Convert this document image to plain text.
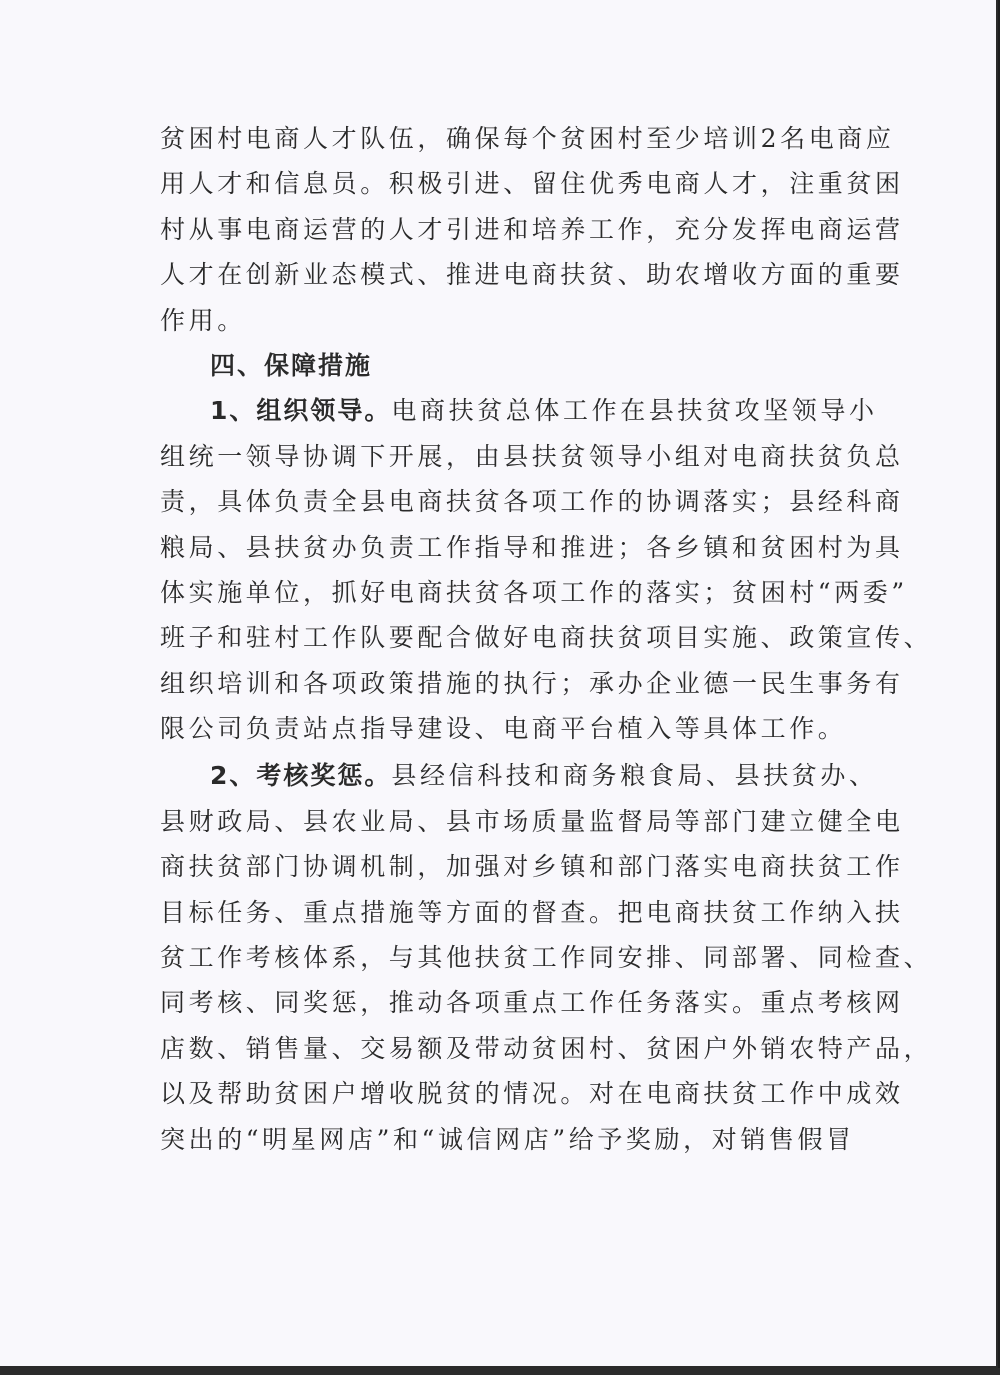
贫困村电商人才队伍，确保每个贫困村至少培训2名电商应
用人才和信息员。积极引进、留住优秀电商人才，注重贫困
村从事电商运营的人才引进和培养工作，充分发挥电商运营
人才在创新业态模式、推进电商扶贫、助农增收方面的重要
作用。
四、保障措施
1、组织领导。电商扶贫总体工作在县扶贫攻坚领导小
组统一领导协调下开展，由县扶贫领导小组对电商扶贫负总
责，具体负责全县电商扶贫各项工作的协调落实；县经科商
粮局、县扶贫办负责工作指导和推进；各乡镇和贫困村为具
体实施单位，抓好电商扶贫各项工作的落实；贫困村“两委”
班子和驻村工作队要配合做好电商扶贫项目实施、政策宣传、
组织培训和各项政策措施的执行；承办企业德一民生事务有
限公司负责站点指导建设、电商平台植入等具体工作。
2、考核奖惩。县经信科技和商务粮食局、县扶贫办、
县财政局、县农业局、县市场质量监督局等部门建立健全电
商扶贫部门协调机制，加强对乡镇和部门落实电商扶贫工作
目标任务、重点措施等方面的督查。把电商扶贫工作纳入扶
贫工作考核体系，与其他扶贫工作同安排、同部署、同检查、
同考核、同奖惩，推动各项重点工作任务落实。重点考核网
店数、销售量、交易额及带动贫困村、贫困户外销农特产品，
以及帮助贫困户增收脱贫的情况。对在电商扶贫工作中成效
突出的“明星网店”和“诚信网店”给予奖励，对销售假冒
